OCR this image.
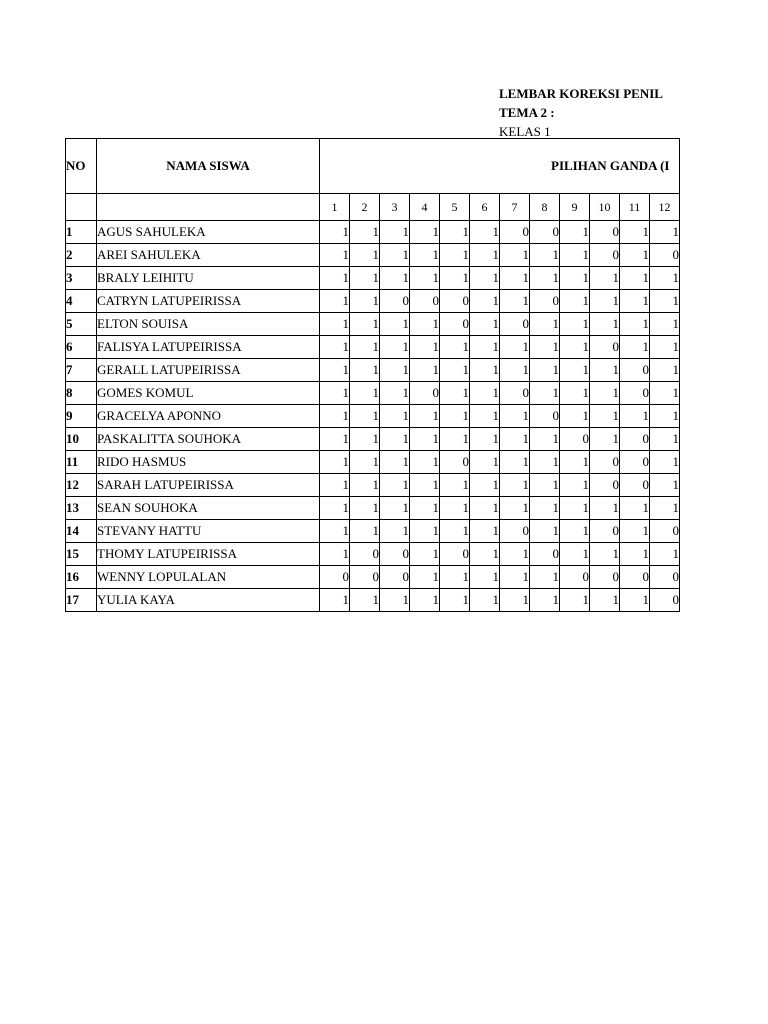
LEMBAR KOREKSI PENIL
TEMA 2 :
KELAS 1
NO	NAMA SISWA	PILIHAN GANDA (I											
		1	2	3	4	5	6	7	8	9	10	11	12
1	AGUS SAHULEKA	1	1	1	1	1	1	0	0	1	0	1	1
2	AREI SAHULEKA	1	1	1	1	1	1	1	1	1	0	1	0
3	BRALY LEIHITU	1	1	1	1	1	1	1	1	1	1	1	1
4	CATRYN LATUPEIRISSA	1	1	0	0	0	1	1	0	1	1	1	1
5	ELTON SOUISA	1	1	1	1	0	1	0	1	1	1	1	1
6	FALISYA LATUPEIRISSA	1	1	1	1	1	1	1	1	1	0	1	1
7	GERALL LATUPEIRISSA	1	1	1	1	1	1	1	1	1	1	0	1
8	GOMES KOMUL	1	1	1	0	1	1	0	1	1	1	0	1
9	GRACELYA APONNO	1	1	1	1	1	1	1	0	1	1	1	1
10	PASKALITTA SOUHOKA	1	1	1	1	1	1	1	1	0	1	0	1
11	RIDO HASMUS	1	1	1	1	0	1	1	1	1	0	0	1
12	SARAH LATUPEIRISSA	1	1	1	1	1	1	1	1	1	0	0	1
13	SEAN SOUHOKA	1	1	1	1	1	1	1	1	1	1	1	1
14	STEVANY HATTU	1	1	1	1	1	1	0	1	1	0	1	0
15	THOMY LATUPEIRISSA	1	0	0	1	0	1	1	0	1	1	1	1
16	WENNY LOPULALAN	0	0	0	1	1	1	1	1	0	0	0	0
17	YULIA KAYA	1	1	1	1	1	1	1	1	1	1	1	0
